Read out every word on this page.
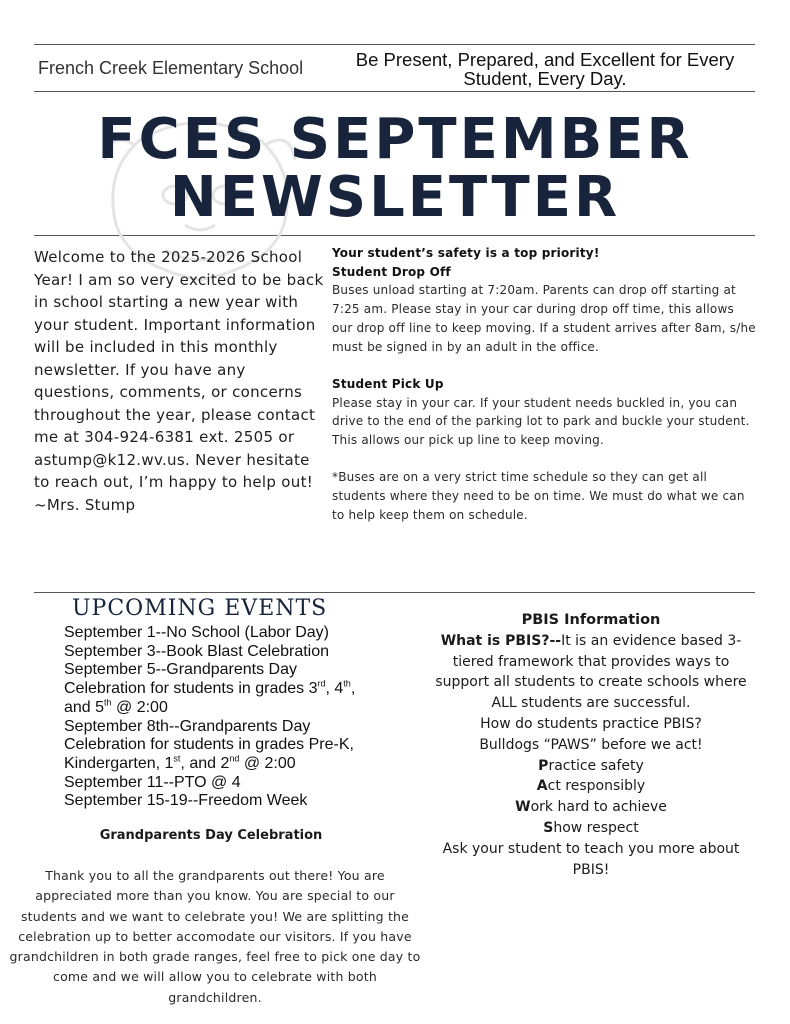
French Creek Elementary School	Be Present, Prepared, and Excellent for Every
Student, Every Day.
FCES SEPTEMBER
NEWSLETTER
Welcome to the 2025-2026 School Year! I am so very excited to be back in school starting a new year with your student. Important information will be included in this monthly newsletter. If you have any questions, comments, or concerns throughout the year, please contact me at 304-924-6381 ext. 2505 or astump@k12.wv.us. Never hesitate to reach out, I’m happy to help out!
~Mrs. Stump

Your student’s safety is a top priority!

Student Drop Off

Buses unload starting at 7:20am. Parents can drop off starting at 7:25 am. Please stay in your car during drop off time, this allows our drop off line to keep moving. If a student arrives after 8am, s/he must be signed in by an adult in the office.

Student Pick Up

Please stay in your car. If your student needs buckled in, you can drive to the end of the parking lot to park and buckle your student. This allows our pick up line to keep moving.

*Buses are on a very strict time schedule so they can get all students where they need to be on time. We must do what we can to help keep them on schedule.

UPCOMING EVENTS
September 1--No School (Labor Day)
September 3--Book Blast Celebration
September 5--Grandparents Day Celebration for students in grades 3rd, 4th, and 5th @ 2:00
September 8th--Grandparents Day Celebration for students in grades Pre-K, Kindergarten, 1st, and 2nd @ 2:00
September 11--PTO @ 4
September 15-19--Freedom Week
Grandparents Day Celebration
Thank you to all the grandparents out there! You are appreciated more than you know. You are special to our students and we want to celebrate you! We are splitting the celebration up to better accomodate our visitors. If you have grandchildren in both grade ranges, feel free to pick one day to come and we will allow you to celebrate with both grandchildren.

PBIS Information

What is PBIS?--It is an evidence based 3-tiered framework that provides ways to support all students to create schools where ALL students are successful.

How do students practice PBIS?

Bulldogs “PAWS” before we act!

Practice safety

Act responsibly

Work hard to achieve

Show respect

Ask your student to teach you more about PBIS!
